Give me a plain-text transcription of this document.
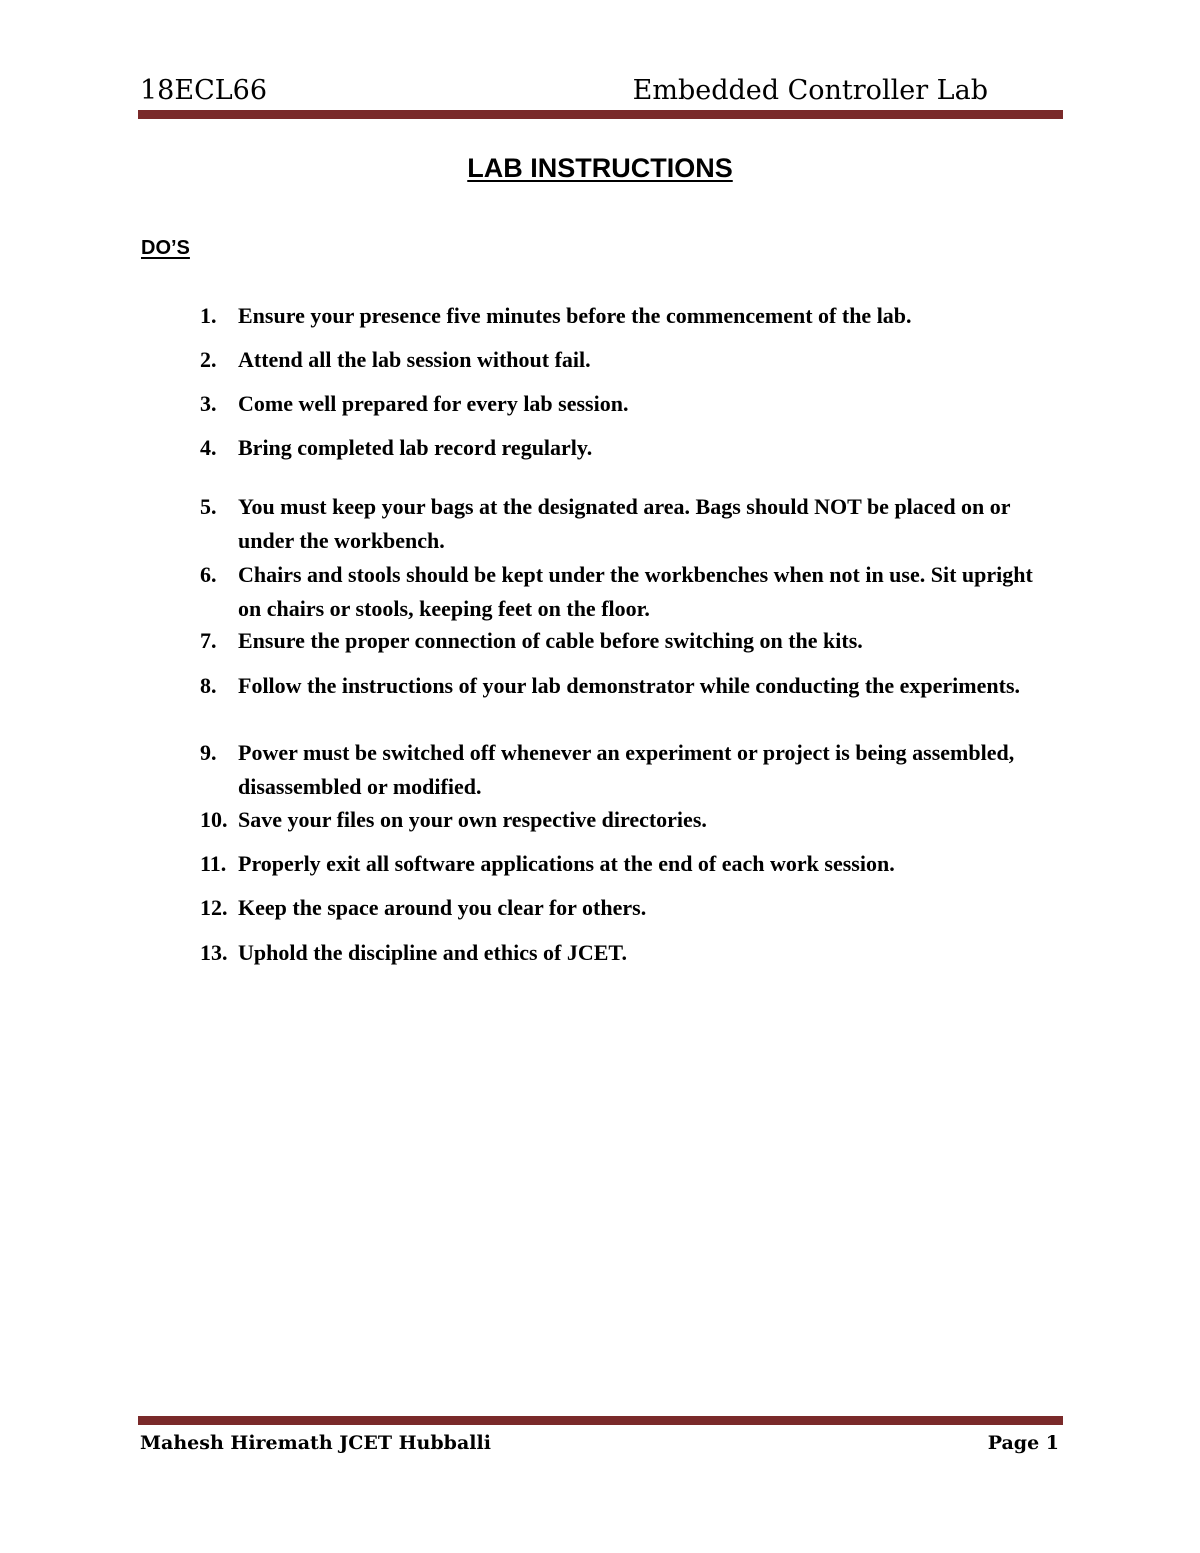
18ECL66	Embedded Controller Lab
LAB INSTRUCTIONS
DO’S
1. Ensure your presence five minutes before the commencement of the lab.
2. Attend all the lab session without fail.
3. Come well prepared for every lab session.
4. Bring completed lab record regularly.
5. You must keep your bags at the designated area. Bags should NOT be placed on or under the workbench.
6. Chairs and stools should be kept under the workbenches when not in use. Sit upright on chairs or stools, keeping feet on the floor.
7. Ensure the proper connection of cable before switching on the kits.
8. Follow the instructions of your lab demonstrator while conducting the experiments.
9. Power must be switched off whenever an experiment or project is being assembled, disassembled or modified.
10. Save your files on your own respective directories.
11. Properly exit all software applications at the end of each work session.
12. Keep the space around you clear for others.
13. Uphold the discipline and ethics of JCET.
Mahesh Hiremath JCET Hubballi	Page 1
